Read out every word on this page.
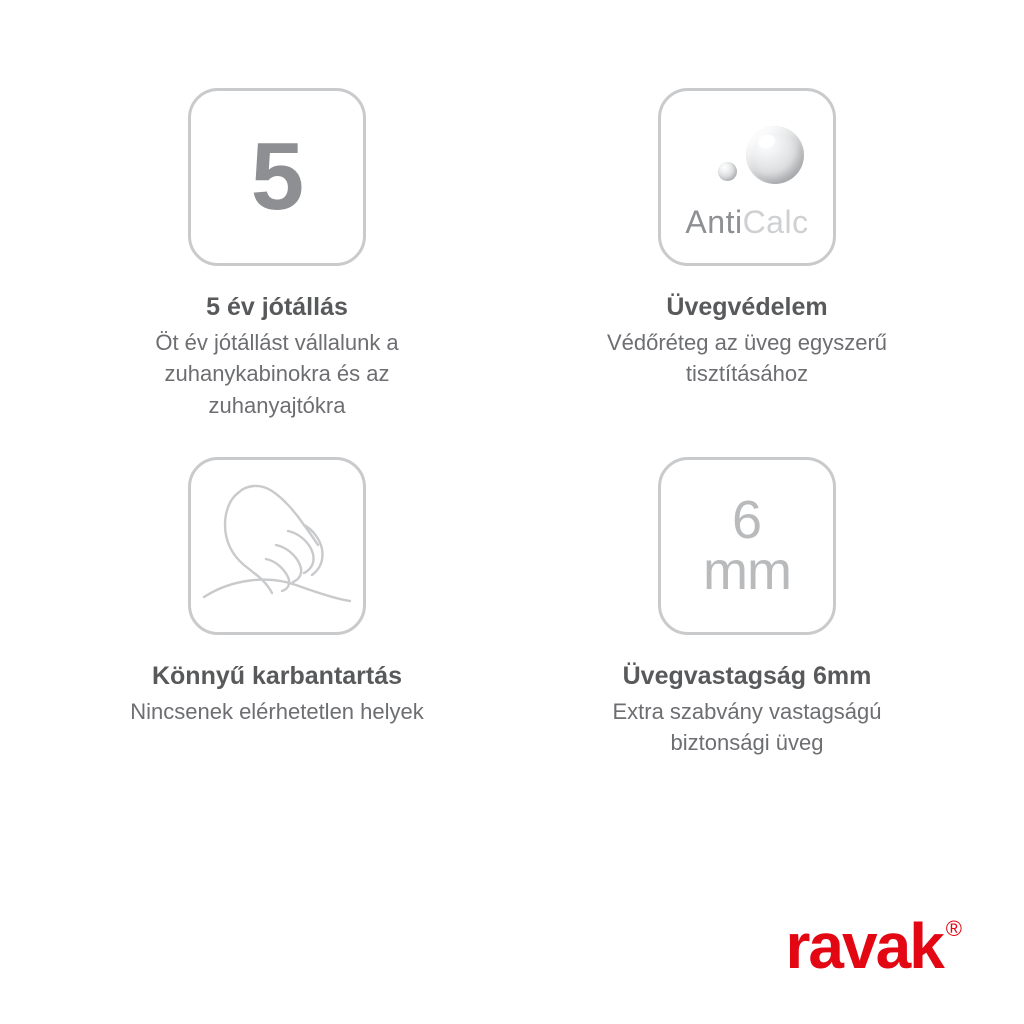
5
5 év jótállás
Öt év jótállást vállalunk a zuhanykabinokra és az zuhanyajtókra
AntiCalc
Üvegvédelem
Védőréteg az üveg egyszerű tisztításához
Könnyű karbantartás
Nincsenek elérhetetlen helyek
6
mm
Üvegvastagság 6mm
Extra szabvány vastagságú biztonsági üveg
ravak ®
